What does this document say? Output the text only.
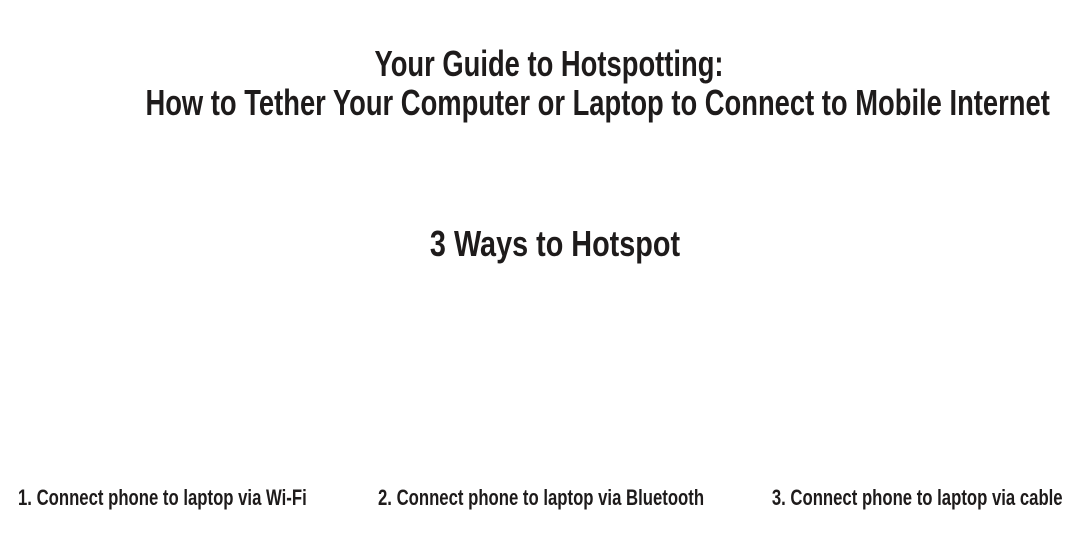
Your Guide to Hotspotting:
How to Tether Your Computer or Laptop to Connect to Mobile Internet
3 Ways to Hotspot
1. Connect phone to laptop via Wi-Fi	2. Connect phone to laptop via Bluetooth	3. Connect phone to laptop via cable
